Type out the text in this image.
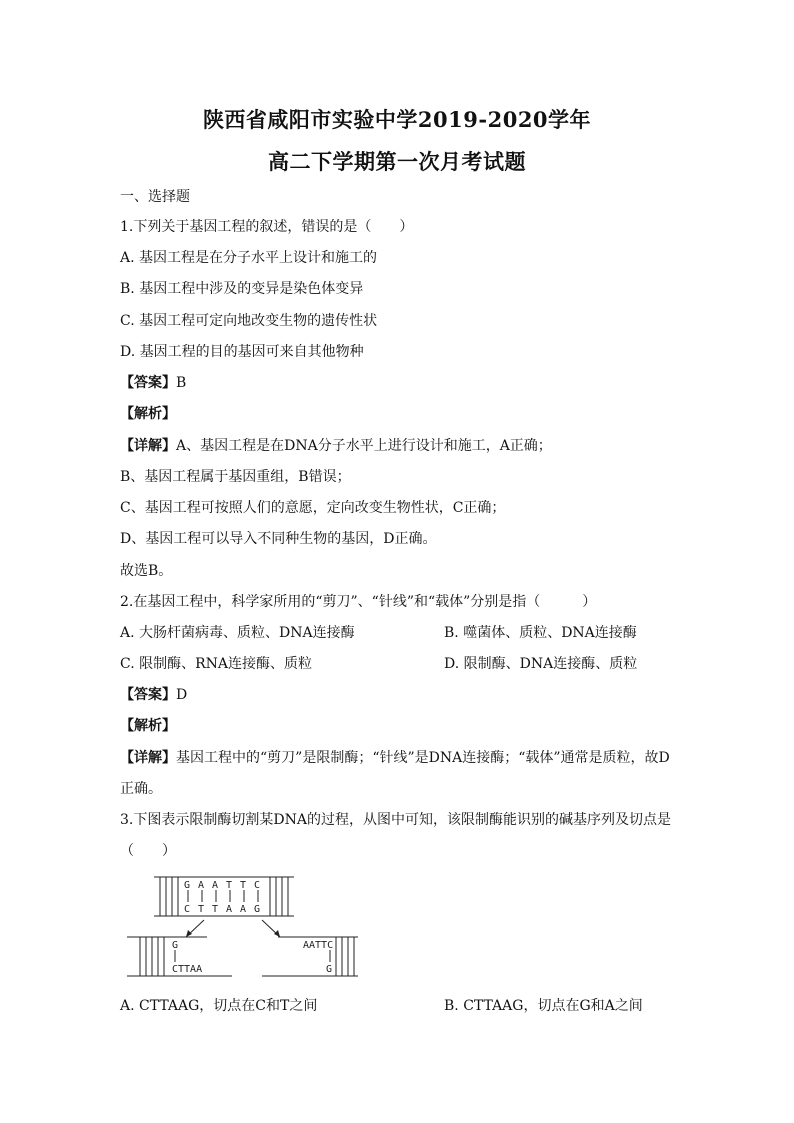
陕西省咸阳市实验中学2019-2020学年
高二下学期第一次月考试题
一、选择题
1.下列关于基因工程的叙述，错误的是（　　）
A. 基因工程是在分子水平上设计和施工的
B. 基因工程中涉及的变异是染色体变异
C. 基因工程可定向地改变生物的遗传性状
D. 基因工程的目的基因可来自其他物种
【答案】B
【解析】
【详解】A、基因工程是在DNA分子水平上进行设计和施工，A正确；
B、基因工程属于基因重组，B错误；
C、基因工程可按照人们的意愿，定向改变生物性状，C正确；
D、基因工程可以导入不同种生物的基因，D正确。
故选B。
2.在基因工程中，科学家所用的“剪刀”、“针线”和“载体”分别是指（　　　）
A. 大肠杆菌病毒、质粒、DNA连接酶	B. 噬菌体、质粒、DNA连接酶
C. 限制酶、RNA连接酶、质粒	D. 限制酶、DNA连接酶、质粒
【答案】D
【解析】
【详解】基因工程中的“剪刀”是限制酶；“针线”是DNA连接酶；“载体”通常是质粒，故D
正确。
3.下图表示限制酶切割某DNA的过程，从图中可知，该限制酶能识别的碱基序列及切点是
（　　）
G A A T T C
C T T A A G
G
CTTAA
AATTC
G
A. CTTAAG，切点在C和T之间	B. CTTAAG，切点在G和A之间
